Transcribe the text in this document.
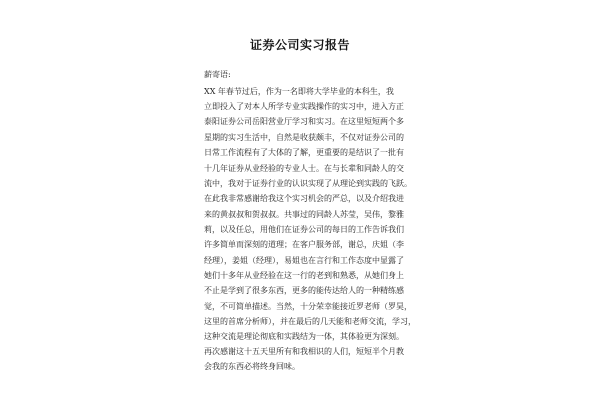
证券公司实习报告
薪寄语:
XX 年春节过后，作为一名即将大学毕业的本科生，我
立即投入了对本人所学专业实践操作的实习中，进入方正
泰阳证券公司岳阳营业厅学习和实习。在这里短短两个多
星期的实习生活中，自然是收获颇丰，不仅对证券公司的
日常工作流程有了大体的了解，更重要的是结识了一批有
十几年证券从业经验的专业人士。在与长辈和同龄人的交
流中，我对于证券行业的认识实现了从理论到实践的飞跃。
在此我非常感谢给我这个实习机会的严总，以及介绍我进
来的黄叔叔和贺叔叔。共事过的同龄人苏莹，吴伟，黎雅
莉，以及任总，用他们在证券公司的每日的工作告诉我们
许多简单而深刻的道理；在客户服务部，谢总，庆姐（李
经理），姜姐（经理），易姐也在言行和工作态度中显露了
她们十多年从业经验在这一行的老到和熟悉，从她们身上
不止是学到了很多东西，更多的能传达给人的一种精练感
觉，不可简单描述。当然，十分荣幸能接近罗老师（罗昊，
这里的首席分析师），并在最后的几天能和老师交流，学习，
这种交流是理论彻底和实践结为一体，其体验更为深刻。
再次感谢这十五天里所有和我相识的人们，短短半个月教
会我的东西必将终身回味。
